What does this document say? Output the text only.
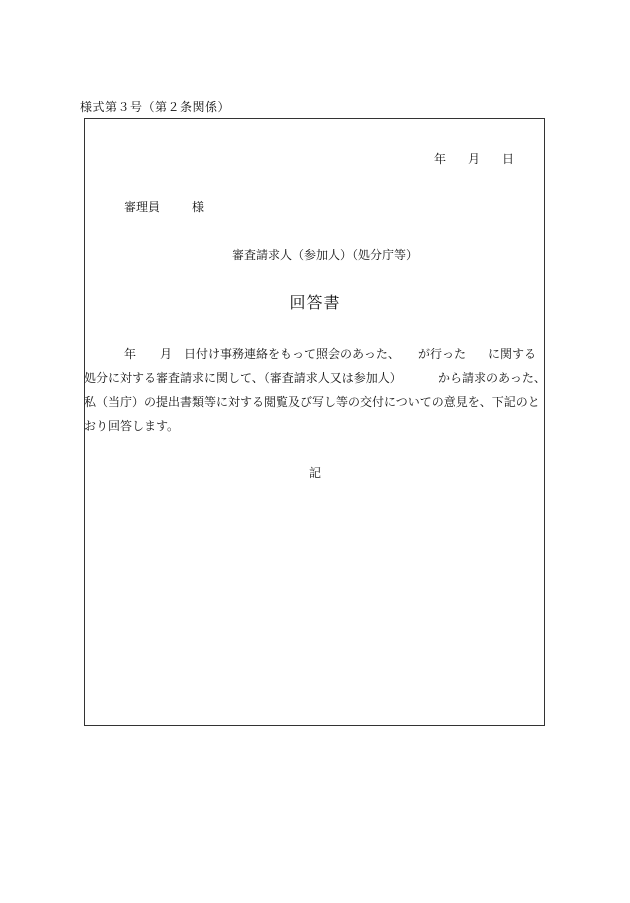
様式第３号（第２条関係）
年 月 日
審理員	様
審査請求人（参加人）（処分庁等）
回答書
年 月 日付け事務連絡をもって照会のあった、 が行った に関する
処分に対する審査請求に関して、（審査請求人又は参加人）	から請求のあった、
私（当庁）の提出書類等に対する閲覧及び写し等の交付についての意見を、下記のと
おり回答します。
記
